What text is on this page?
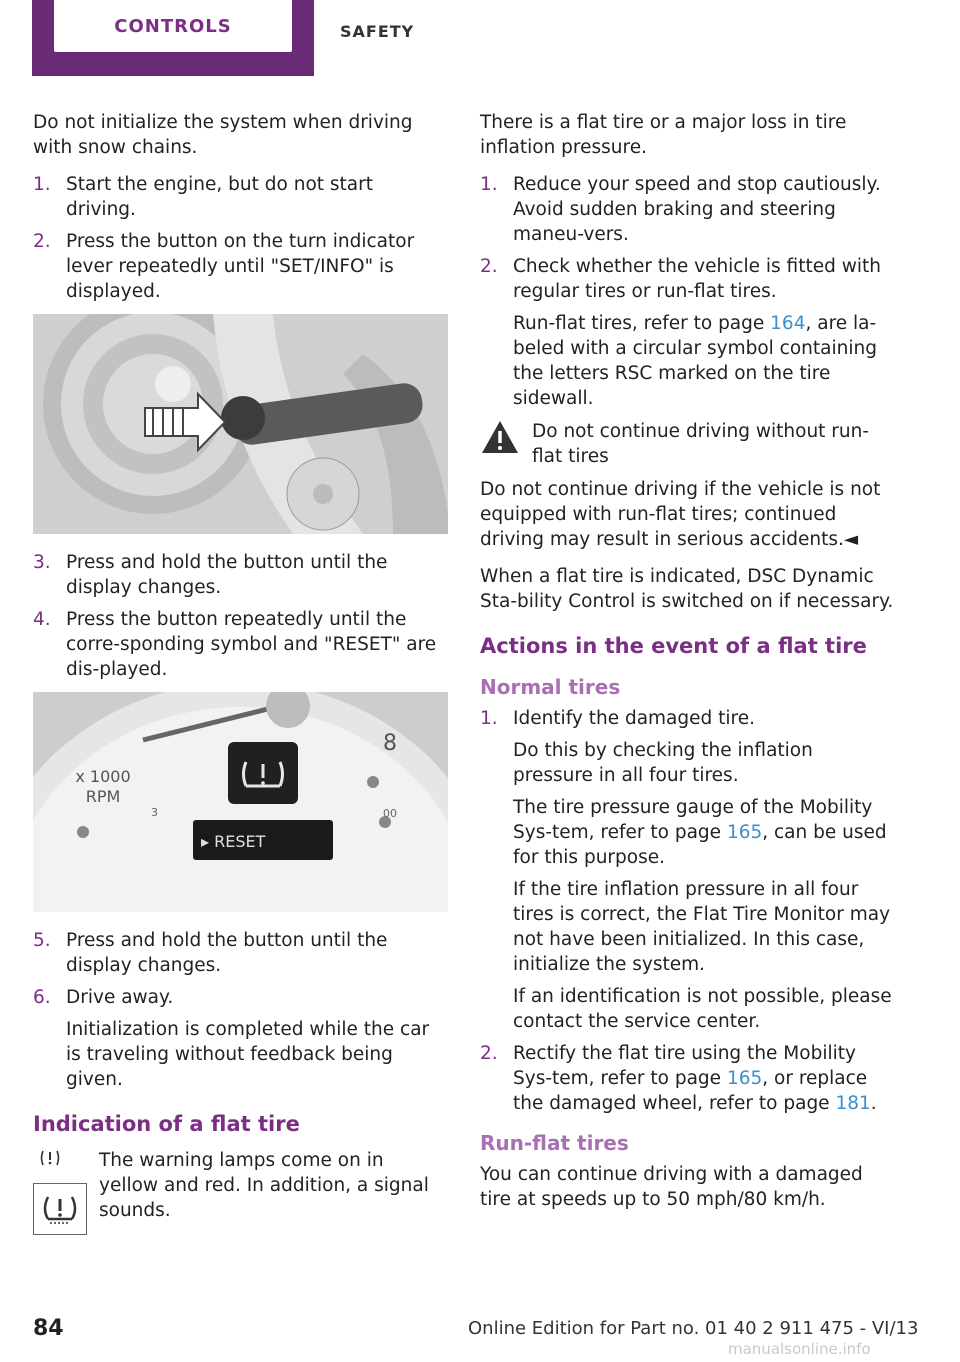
CONTROLS	SAFETY

Do not initialize the system when driving with snow chains.

1. Start the engine, but do not start driving.
2. Press the button on the turn indicator lever repeatedly until "SET/INFO" is displayed.
3. Press and hold the button until the display changes.
4. Press the button repeatedly until the corre-sponding symbol and "RESET" are dis-played.
x 1000
RPM
▸ RESET
8
3	00
5. Press and hold the button until the display changes.
6. Drive away.
Initialization is completed while the car is traveling without feedback being given.
Indication of a flat tire
The warning lamps come on in yellow and red. In addition, a signal sounds.

There is a flat tire or a major loss in tire inflation pressure.

1. Reduce your speed and stop cautiously. Avoid sudden braking and steering maneu-vers.
2. Check whether the vehicle is fitted with regular tires or run-flat tires.
Run-flat tires, refer to page 164, are la-beled with a circular symbol containing the letters RSC marked on the tire sidewall.
Do not continue driving without run-flat tires

Do not continue driving if the vehicle is not equipped with run-flat tires; continued driving may result in serious accidents.◄

When a flat tire is indicated, DSC Dynamic Sta-bility Control is switched on if necessary.

Actions in the event of a flat tire
Normal tires
1. Identify the damaged tire.
Do this by checking the inflation pressure in all four tires.
The tire pressure gauge of the Mobility Sys-tem, refer to page 165, can be used for this purpose.
If the tire inflation pressure in all four tires is correct, the Flat Tire Monitor may not have been initialized. In this case, initialize the system.
If an identification is not possible, please contact the service center.
2. Rectify the flat tire using the Mobility Sys-tem, refer to page 165, or replace the damaged wheel, refer to page 181.
Run-flat tires
You can continue driving with a damaged tire at speeds up to 50 mph/80 km/h.
84	Online Edition for Part no. 01 40 2 911 475 - VI/13
manualsonline.info
